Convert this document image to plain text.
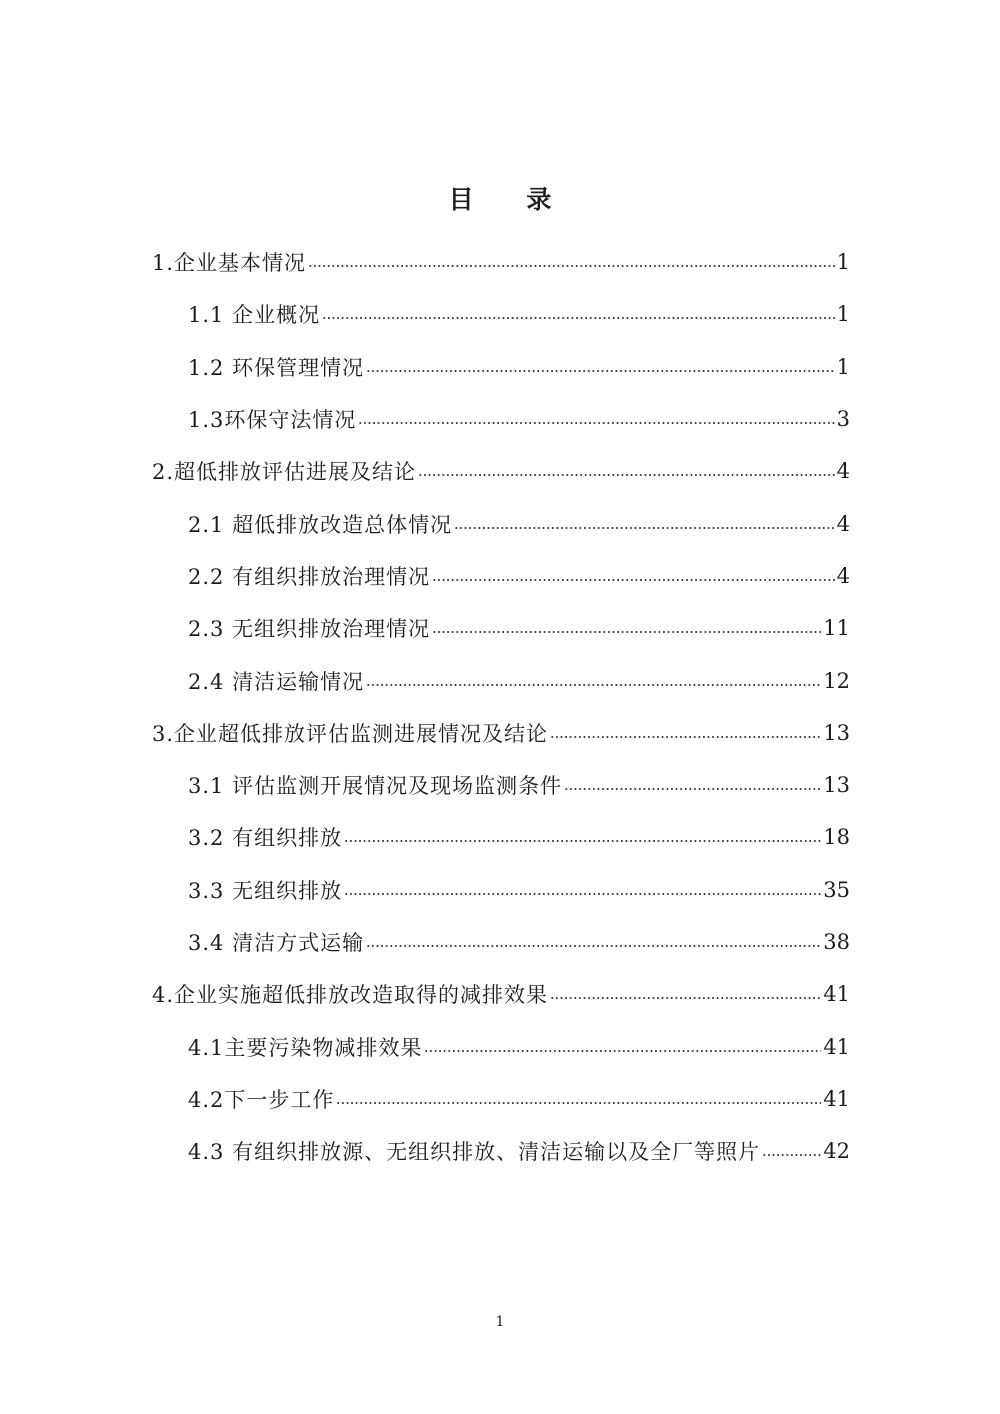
目 录
1.企业基本情况	1
1.1 企业概况	1
1.2 环保管理情况	1
1.3环保守法情况	3
2.超低排放评估进展及结论	4
2.1 超低排放改造总体情况	4
2.2 有组织排放治理情况	4
2.3 无组织排放治理情况	11
2.4 清洁运输情况	12
3.企业超低排放评估监测进展情况及结论	13
3.1 评估监测开展情况及现场监测条件	13
3.2 有组织排放	18
3.3 无组织排放	35
3.4 清洁方式运输	38
4.企业实施超低排放改造取得的减排效果	41
4.1主要污染物减排效果	41
4.2下一步工作	41
4.3 有组织排放源、无组织排放、清洁运输以及全厂等照片	42
1
